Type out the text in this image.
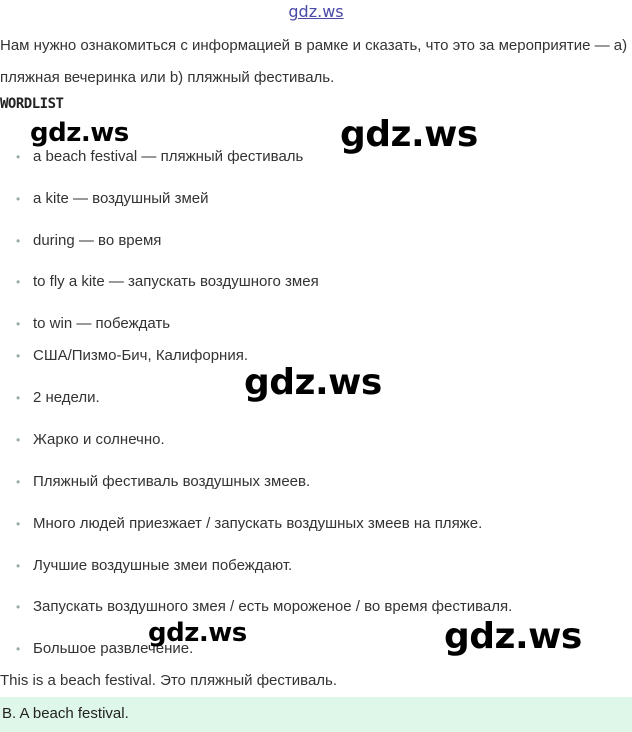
gdz.ws
Нам нужно ознакомиться с информацией в рамке и сказать, что это за мероприятие — а) пляжная вечеринка или b) пляжный фестиваль.
WORDLIST
• a beach festival — пляжный фестиваль
• a kite — воздушный змей
• during — во время
• to fly a kite — запускать воздушного змея
• to win — побеждать
• США/Пизмо-Бич, Калифорния.
• 2 недели.
• Жарко и солнечно.
• Пляжный фестиваль воздушных змеев.
• Много людей приезжает / запускать воздушных змеев на пляже.
• Лучшие воздушные змеи побеждают.
• Запускать воздушного змея / есть мороженое / во время фестиваля.
• Большое развлечение.
This is a beach festival. Это пляжный фестиваль.
B. A beach festival.
gdz.ws	gdz.ws
gdz.ws
gdz.ws	gdz.ws
